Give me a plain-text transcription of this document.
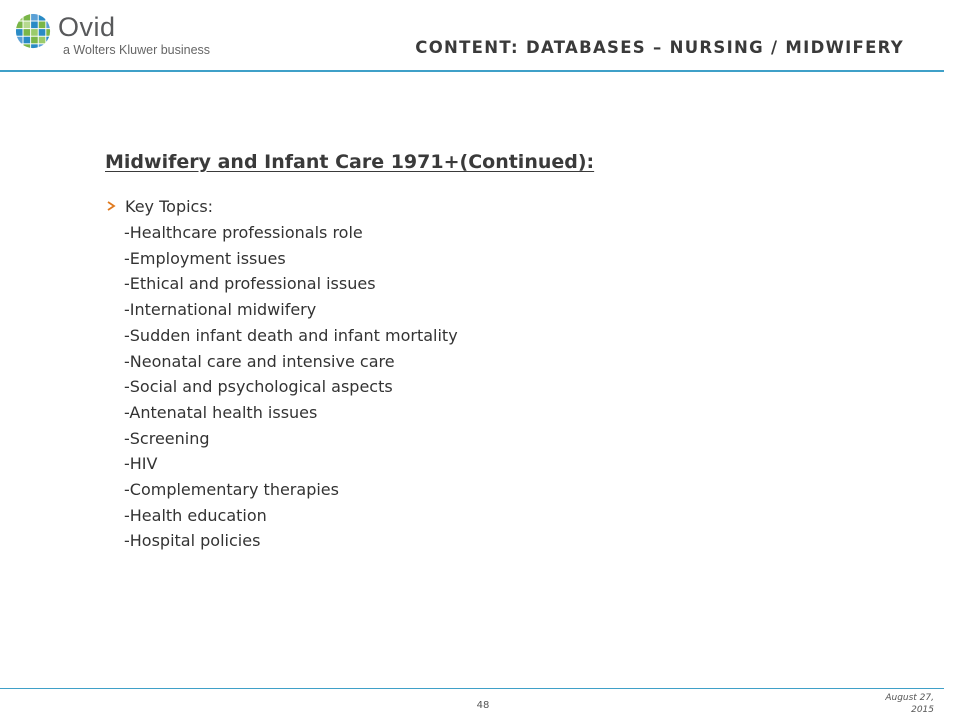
Ovid
a Wolters Kluwer business	CONTENT: DATABASES – NURSING / MIDWIFERY
Midwifery and Infant Care 1971+(Continued):
Key Topics:
-Healthcare professionals role
-Employment issues
-Ethical and professional issues
-International midwifery
-Sudden infant death and infant mortality
-Neonatal care and intensive care
-Social and psychological aspects
-Antenatal health issues
-Screening
-HIV
-Complementary therapies
-Health education
-Hospital policies
48
August 27,
2015
